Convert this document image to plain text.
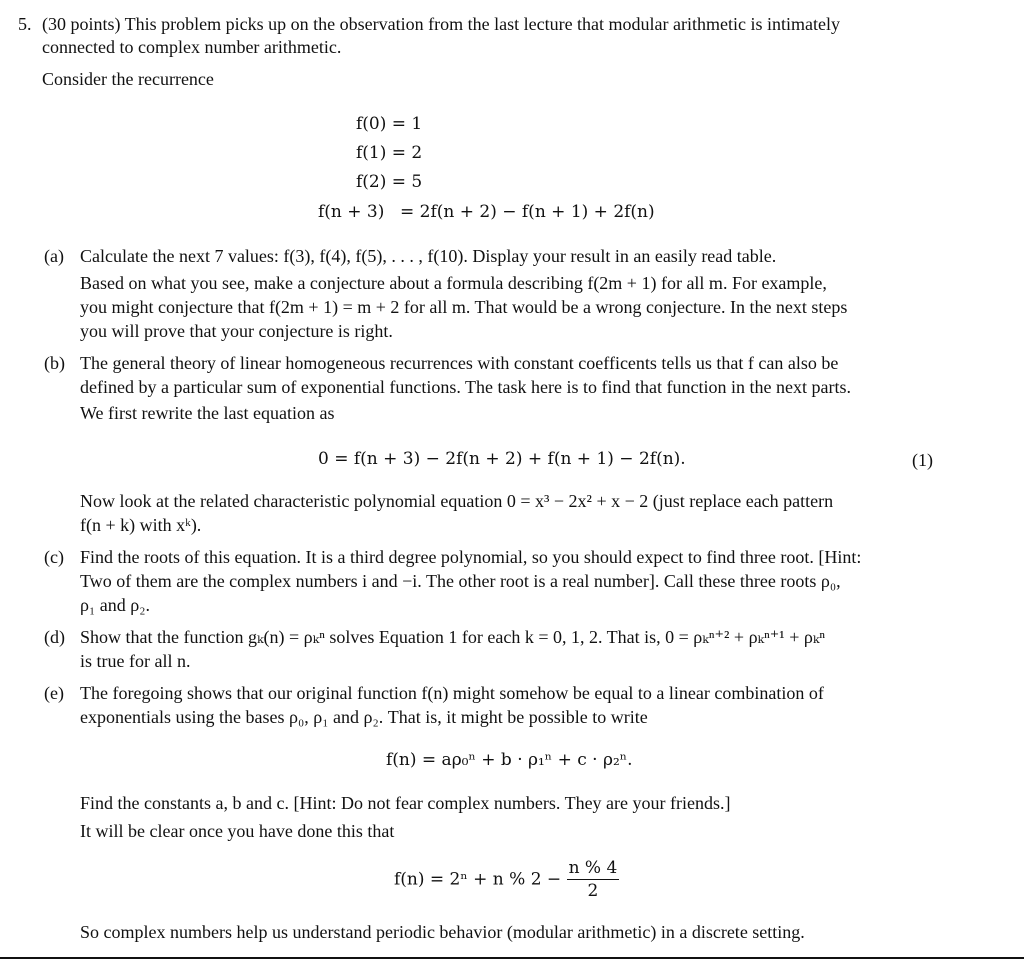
5. (30 points) This problem picks up on the observation from the last lecture that modular arithmetic is intimately
connected to complex number arithmetic.
Consider the recurrence
f(0) = 1
f(1) = 2
f(2) = 5
f(n + 3) = 2f(n + 2) − f(n + 1) + 2f(n)
(a) Calculate the next 7 values: f(3), f(4), f(5), . . . , f(10). Display your result in an easily read table.
Based on what you see, make a conjecture about a formula describing f(2m + 1) for all m. For example,
you might conjecture that f(2m + 1) = m + 2 for all m. That would be a wrong conjecture. In the next steps
you will prove that your conjecture is right.
(b) The general theory of linear homogeneous recurrences with constant coefficents tells us that f can also be
defined by a particular sum of exponential functions. The task here is to find that function in the next parts.
We first rewrite the last equation as
0 = f(n + 3) − 2f(n + 2) + f(n + 1) − 2f(n).	(1)
Now look at the related characteristic polynomial equation 0 = x³ − 2x² + x − 2 (just replace each pattern
f(n + k) with xᵏ).
(c) Find the roots of this equation. It is a third degree polynomial, so you should expect to find three root. [Hint:
Two of them are the complex numbers i and −i. The other root is a real number]. Call these three roots ρ₀,
ρ₁ and ρ₂.
(d) Show that the function gₖ(n) = ρₖⁿ solves Equation 1 for each k = 0, 1, 2. That is, 0 = ρₖⁿ⁺² + ρₖⁿ⁺¹ + ρₖⁿ
is true for all n.
(e) The foregoing shows that our original function f(n) might somehow be equal to a linear combination of
exponentials using the bases ρ₀, ρ₁ and ρ₂. That is, it might be possible to write
f(n) = aρ₀ⁿ + b · ρ₁ⁿ + c · ρ₂ⁿ.
Find the constants a, b and c. [Hint: Do not fear complex numbers. They are your friends.]
It will be clear once you have done this that
f(n) = 2ⁿ + n % $2 - \frac{n \% 4}{2}$
So complex numbers help us understand periodic behavior (modular arithmetic) in a discrete setting.
